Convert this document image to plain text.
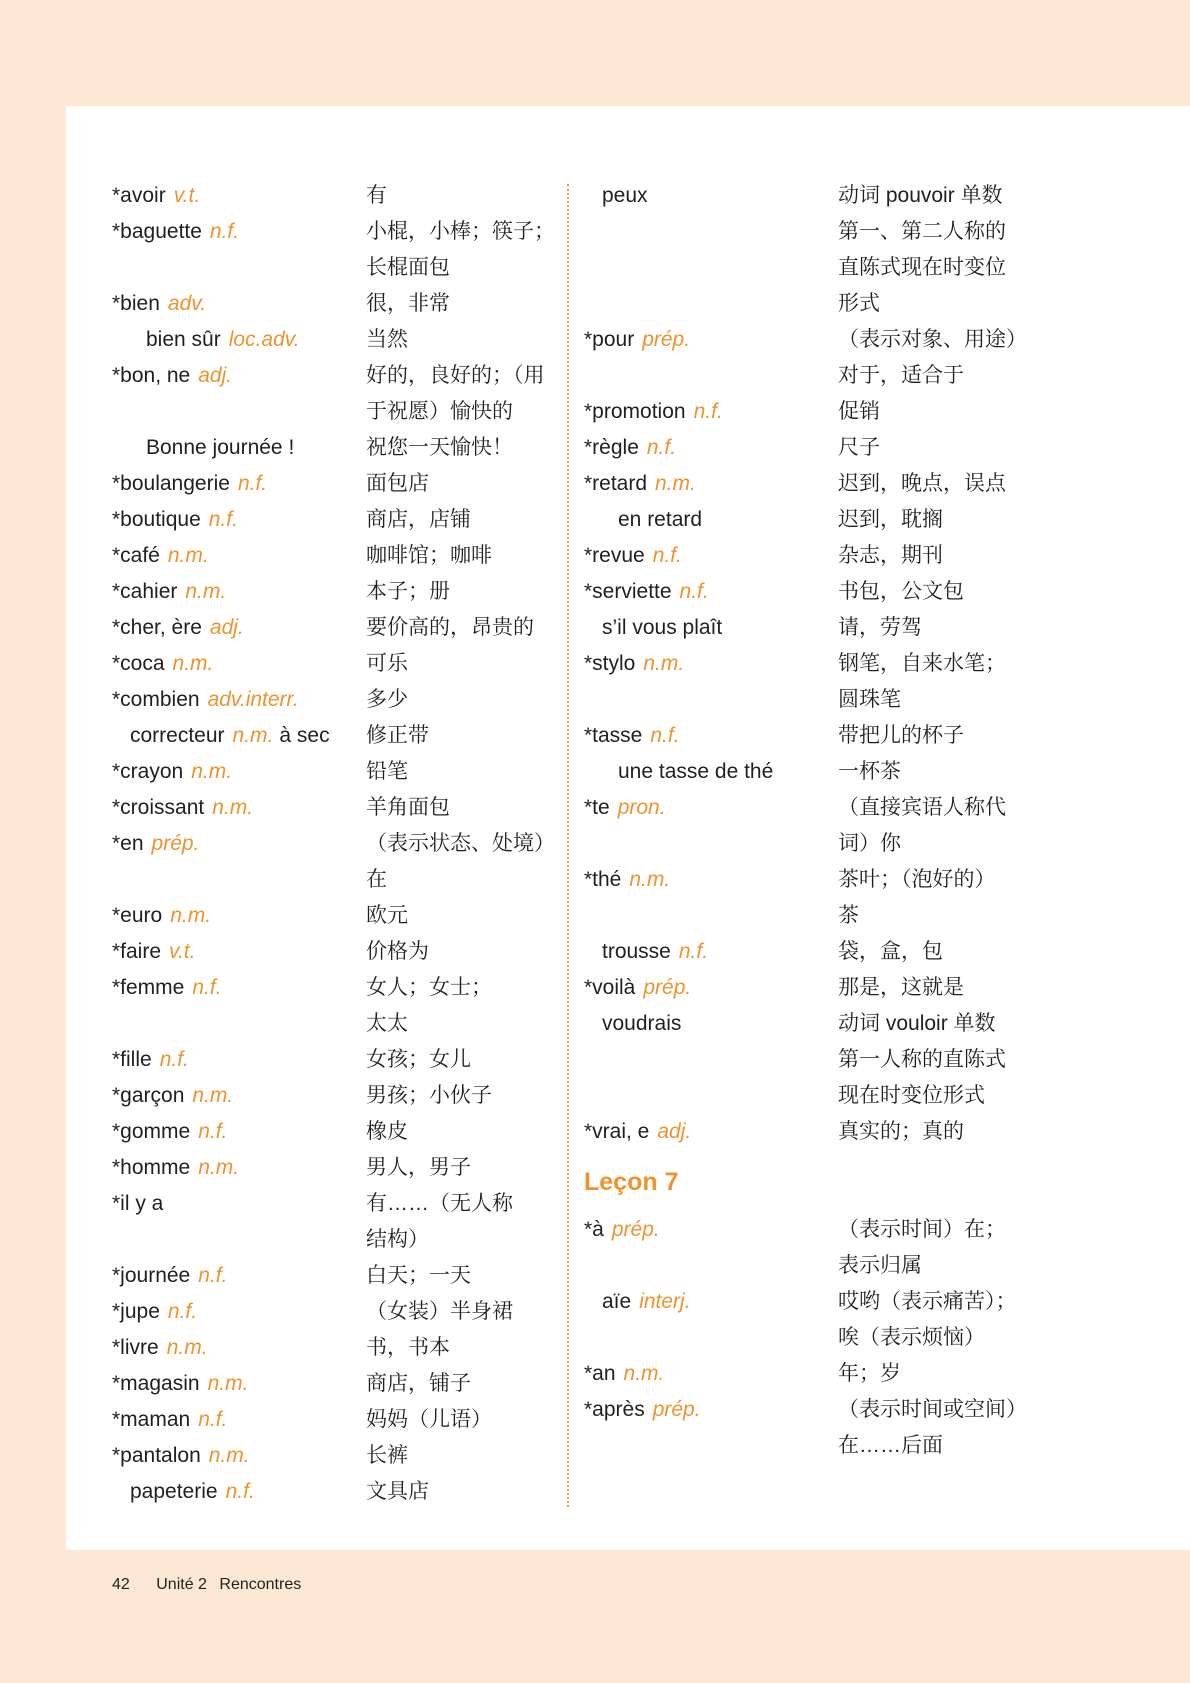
*avoir v.t.	有
*baguette n.f.	小棍，小棒；筷子；
长棍面包
*bien adv.	很，非常
bien sûr loc.adv.	当然
*bon, ne adj.	好的，良好的；（用
于祝愿）愉快的
Bonne journée !	祝您一天愉快！
*boulangerie n.f.	面包店
*boutique n.f.	商店，店铺
*café n.m.	咖啡馆；咖啡
*cahier n.m.	本子；册
*cher, ère adj.	要价高的，昂贵的
*coca n.m.	可乐
*combien adv.interr.	多少
correcteur n.m. à sec	修正带
*crayon n.m.	铅笔
*croissant n.m.	羊角面包
*en prép.	（表示状态、处境）
在
*euro n.m.	欧元
*faire v.t.	价格为
*femme n.f.	女人；女士；
太太
*fille n.f.	女孩；女儿
*garçon n.m.	男孩；小伙子
*gomme n.f.	橡皮
*homme n.m.	男人，男子
*il y a	有……（无人称
结构）
*journée n.f.	白天；一天
*jupe n.f.	（女装）半身裙
*livre n.m.	书，书本
*magasin n.m.	商店，铺子
*maman n.f.	妈妈（儿语）
*pantalon n.m.	长裤
papeterie n.f.	文具店
peux	动词 pouvoir 单数
第一、第二人称的
直陈式现在时变位
形式
*pour prép.	（表示对象、用途）
对于，适合于
*promotion n.f.	促销
*règle n.f.	尺子
*retard n.m.	迟到，晚点，误点
en retard	迟到，耽搁
*revue n.f.	杂志，期刊
*serviette n.f.	书包，公文包
s’il vous plaît	请，劳驾
*stylo n.m.	钢笔，自来水笔；
圆珠笔
*tasse n.f.	带把儿的杯子
une tasse de thé	一杯茶
*te pron.	（直接宾语人称代
词）你
*thé n.m.	茶叶；（泡好的）
茶
trousse n.f.	袋，盒，包
*voilà prép.	那是，这就是
voudrais	动词 vouloir 单数
第一人称的直陈式
现在时变位形式
*vrai, e adj.	真实的；真的
Leçon 7
*à prép.	（表示时间）在；
表示归属
aïe interj.	哎哟（表示痛苦）；
唉（表示烦恼）
*an n.m.	年；岁
*après prép.	（表示时间或空间）
在……后面
42 Unité 2 Rencontres
